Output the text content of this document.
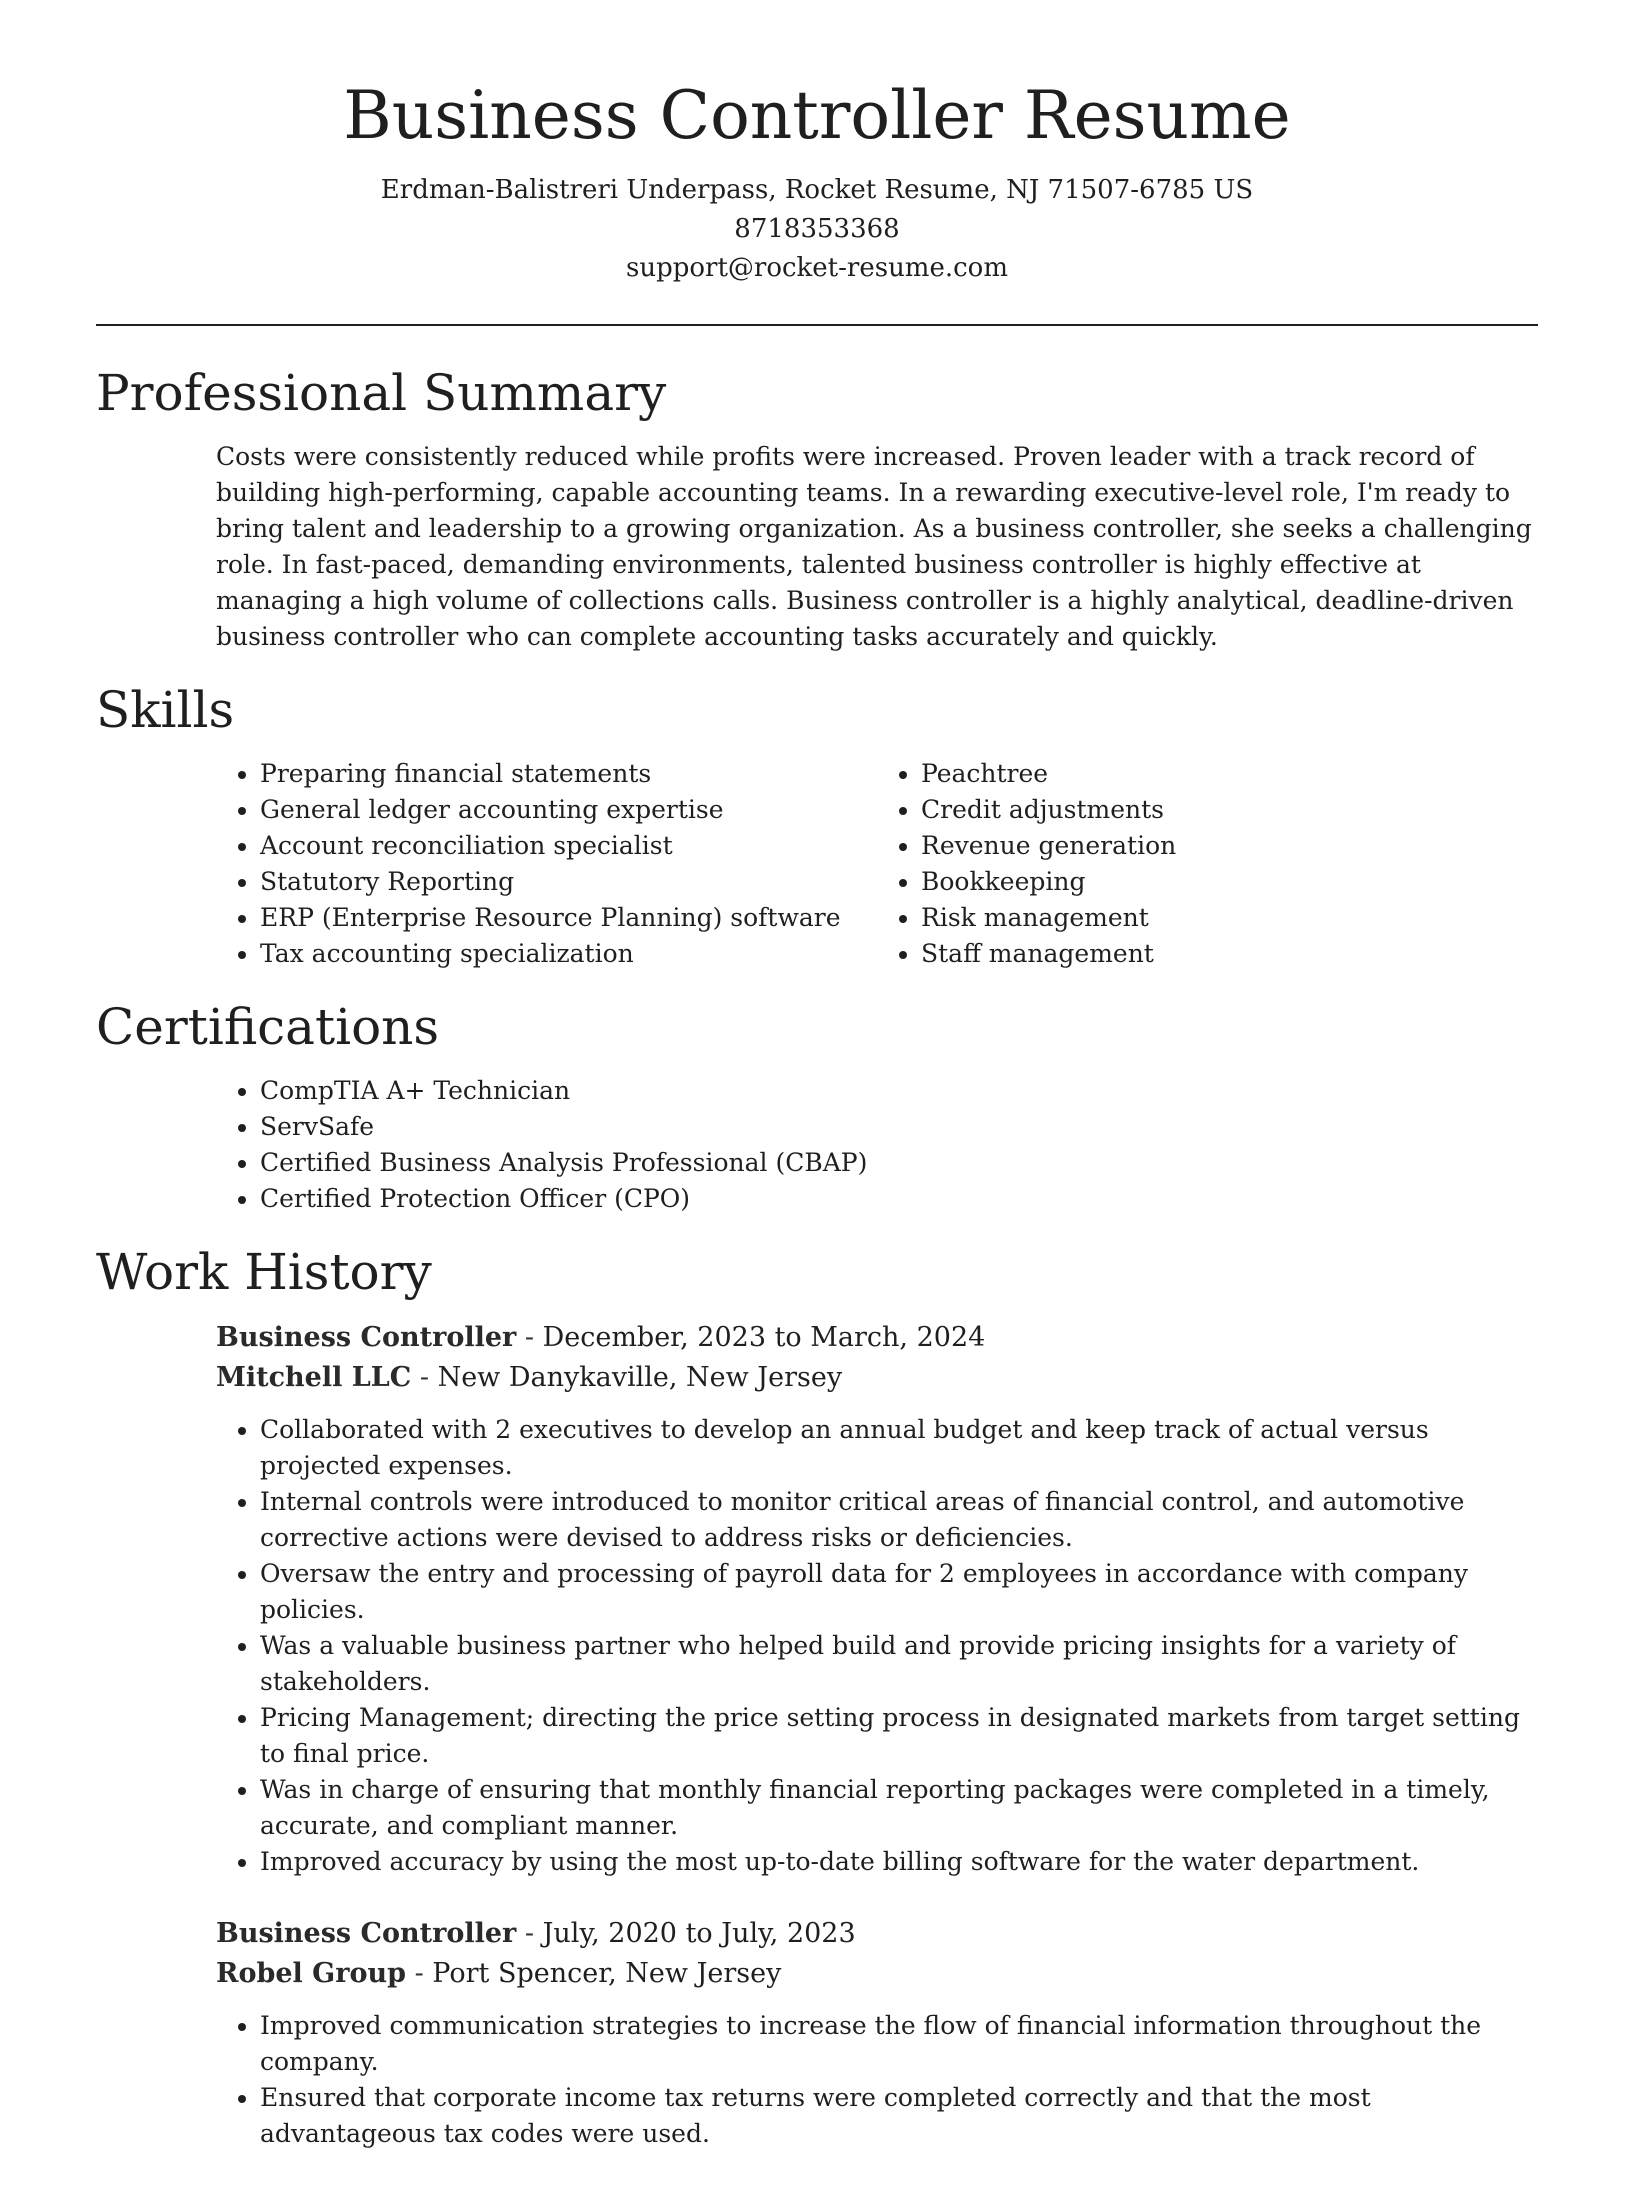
Business Controller Resume
Erdman-Balistreri Underpass, Rocket Resume, NJ 71507-6785 US
8718353368
support@rocket-resume.com
Professional Summary
Costs were consistently reduced while profits were increased. Proven leader with a track record of building high-performing, capable accounting teams. In a rewarding executive-level role, I'm ready to bring talent and leadership to a growing organization. As a business controller, she seeks a challenging role. In fast-paced, demanding environments, talented business controller is highly effective at managing a high volume of collections calls. Business controller is a highly analytical, deadline-driven business controller who can complete accounting tasks accurately and quickly.
Skills
• Preparing financial statements
• General ledger accounting expertise
• Account reconciliation specialist
• Statutory Reporting
• ERP (Enterprise Resource Planning) software
• Tax accounting specialization
• Peachtree
• Credit adjustments
• Revenue generation
• Bookkeeping
• Risk management
• Staff management
Certifications
• CompTIA A+ Technician
• ServSafe
• Certified Business Analysis Professional (CBAP)
• Certified Protection Officer (CPO)
Work History
Business Controller - December, 2023 to March, 2024
Mitchell LLC - New Danykaville, New Jersey
• Collaborated with 2 executives to develop an annual budget and keep track of actual versus projected expenses.
• Internal controls were introduced to monitor critical areas of financial control, and automotive corrective actions were devised to address risks or deficiencies.
• Oversaw the entry and processing of payroll data for 2 employees in accordance with company policies.
• Was a valuable business partner who helped build and provide pricing insights for a variety of stakeholders.
• Pricing Management; directing the price setting process in designated markets from target setting to final price.
• Was in charge of ensuring that monthly financial reporting packages were completed in a timely, accurate, and compliant manner.
• Improved accuracy by using the most up-to-date billing software for the water department.
Business Controller - July, 2020 to July, 2023
Robel Group - Port Spencer, New Jersey
• Improved communication strategies to increase the flow of financial information throughout the company.
• Ensured that corporate income tax returns were completed correctly and that the most advantageous tax codes were used.
